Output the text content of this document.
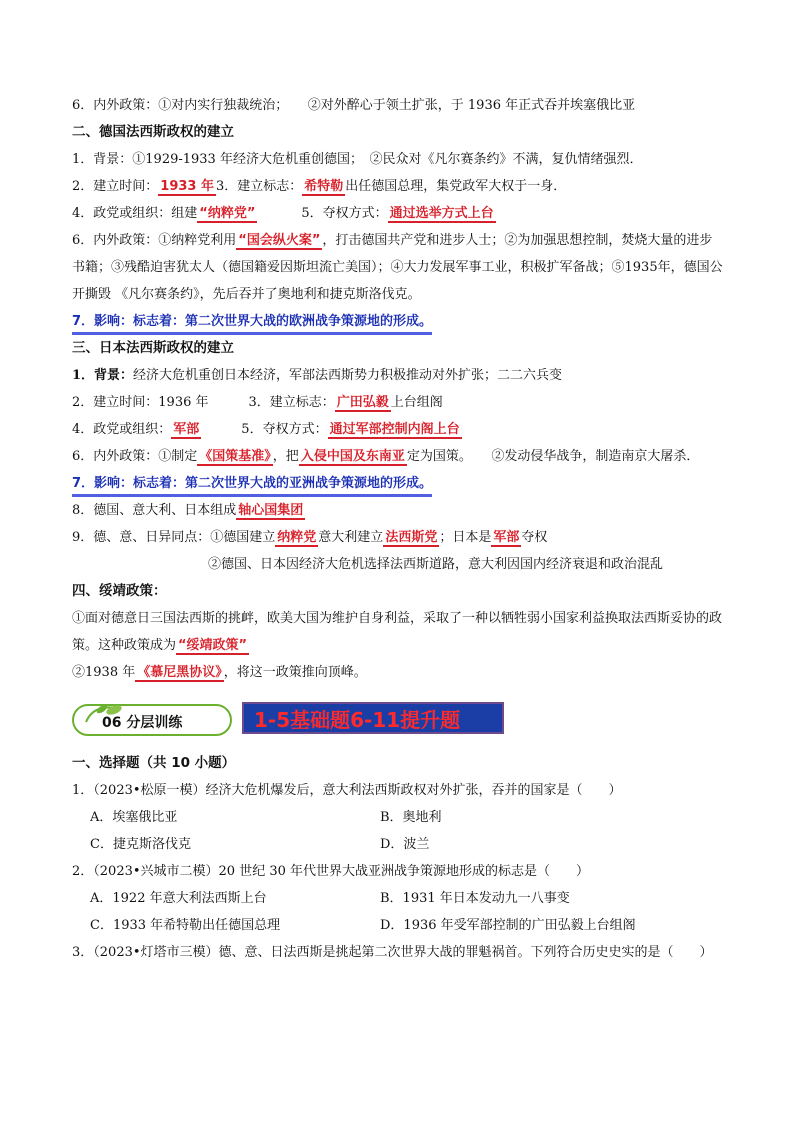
6．内外政策：①对内实行独裁统治；　　②对外醉心于领土扩张，于 1936 年正式吞并埃塞俄比亚
二、德国法西斯政权的建立
1．背景：①1929-1933 年经济大危机重创德国；　②民众对《凡尔赛条约》不满，复仇情绪强烈．
2．建立时间： 1933 年 3．建立标志： 希特勒 出任德国总理，集党政军大权于一身．
4．政党或组织：组建 “纳粹党”	5．夺权方式： 通过选举方式上台
6．内外政策：①纳粹党利用 “国会纵火案” ，打击德国共产党和进步人士；②为加强思想控制，焚烧大量的进步书籍；③残酷迫害犹太人（德国籍爱因斯坦流亡美国）；④大力发展军事工业，积极扩军备战；⑤1935年，德国公开撕毁 《凡尔赛条约》，先后吞并了奥地利和捷克斯洛伐克。
7．影响：标志着：第二次世界大战的欧洲战争策源地的形成。
三、日本法西斯政权的建立
1．背景：经济大危机重创日本经济，军部法西斯势力积极推动对外扩张；二二六兵变
2．建立时间：1936 年	3．建立标志： 广田弘毅 上台组阁
4．政党或组织： 军部	5．夺权方式： 通过军部控制内阁上台
6．内外政策：①制定 《国策基准》 ，把 入侵中国及东南亚 定为国策。　　②发动侵华战争，制造南京大屠杀．
7．影响：标志着：第二次世界大战的亚洲战争策源地的形成。
8．德国、意大利、日本组成 轴心国集团
9．德、意、日异同点：①德国建立 纳粹党 意大利建立 法西斯党 ；日本是 军部 夺权
②德国、日本因经济大危机选择法西斯道路，意大利因国内经济衰退和政治混乱
四、绥靖政策：
①面对德意日三国法西斯的挑衅，欧美大国为维护自身利益，采取了一种以牺牲弱小国家利益换取法西斯妥协的政策。这种政策成为 “绥靖政策”
②1938 年 《慕尼黑协议》 ，将这一政策推向顶峰。
06 分层训练	1-5基础题6-11提升题
一、选择题（共 10 小题）
1．（2023•松原一模）经济大危机爆发后，意大利法西斯政权对外扩张，吞并的国家是（　　）
A．埃塞俄比亚	B．奥地利
C．捷克斯洛伐克	D．波兰
2．（2023•兴城市二模）20 世纪 30 年代世界大战亚洲战争策源地形成的标志是（　　）
A．1922 年意大利法西斯上台	B．1931 年日本发动九一八事变
C．1933 年希特勒出任德国总理	D．1936 年受军部控制的广田弘毅上台组阁
3．（2023•灯塔市三模）德、意、日法西斯是挑起第二次世界大战的罪魁祸首。下列符合历史史实的是（　　）
